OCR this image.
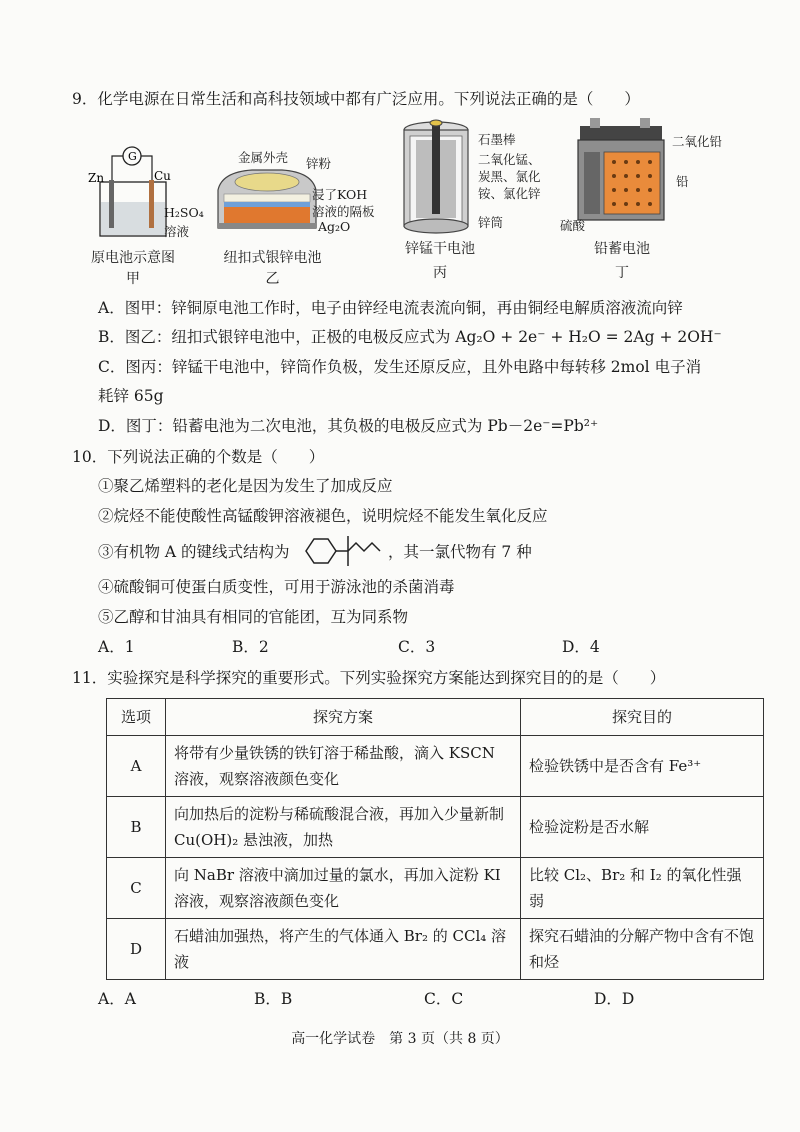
9．化学电源在日常生活和高科技领域中都有广泛应用。下列说法正确的是（　　）
G
Zn	Cu
H₂SO₄
溶液
原电池示意图
甲
金属外壳 锌粉
浸了KOH
溶液的隔板
Ag₂O
纽扣式银锌电池
乙
石墨棒
二氧化锰、
炭黑、氯化
铵、氯化锌
锌筒
锌锰干电池
丙
二氧化铅
铅
硫酸
铅蓄电池
丁
A．图甲：锌铜原电池工作时，电子由锌经电流表流向铜，再由铜经电解质溶液流向锌
B．图乙：纽扣式银锌电池中，正极的电极反应式为 Ag₂O + 2e⁻ + H₂O = 2Ag + 2OH⁻
C．图丙：锌锰干电池中，锌筒作负极，发生还原反应，且外电路中每转移 2mol 电子消
耗锌 65g
D．图丁：铅蓄电池为二次电池，其负极的电极反应式为 Pb－2e⁻=Pb²⁺
10．下列说法正确的个数是（　　）
①聚乙烯塑料的老化是因为发生了加成反应
②烷烃不能使酸性高锰酸钾溶液褪色，说明烷烃不能发生氧化反应
③有机物 A 的键线式结构为	，其一氯代物有 7 种
④硫酸铜可使蛋白质变性，可用于游泳池的杀菌消毒
⑤乙醇和甘油具有相同的官能团，互为同系物
A．1	B．2	C．3	D．4
11．实验探究是科学探究的重要形式。下列实验探究方案能达到探究目的的是（　　）
选项	探究方案	探究目的
A	将带有少量铁锈的铁钉溶于稀盐酸，滴入 KSCN 溶液，观察溶液颜色变化	检验铁锈中是否含有 Fe³⁺
B	向加热后的淀粉与稀硫酸混合液，再加入少量新制 Cu(OH)₂ 悬浊液，加热	检验淀粉是否水解
C	向 NaBr 溶液中滴加过量的氯水，再加入淀粉 KI 溶液，观察溶液颜色变化	比较 Cl₂、Br₂ 和 I₂ 的氧化性强弱
D	石蜡油加强热，将产生的气体通入 Br₂ 的 CCl₄ 溶液	探究石蜡油的分解产物中含有不饱和烃
A．A	B．B	C．C	D．D
高一化学试卷　第 3 页（共 8 页）
